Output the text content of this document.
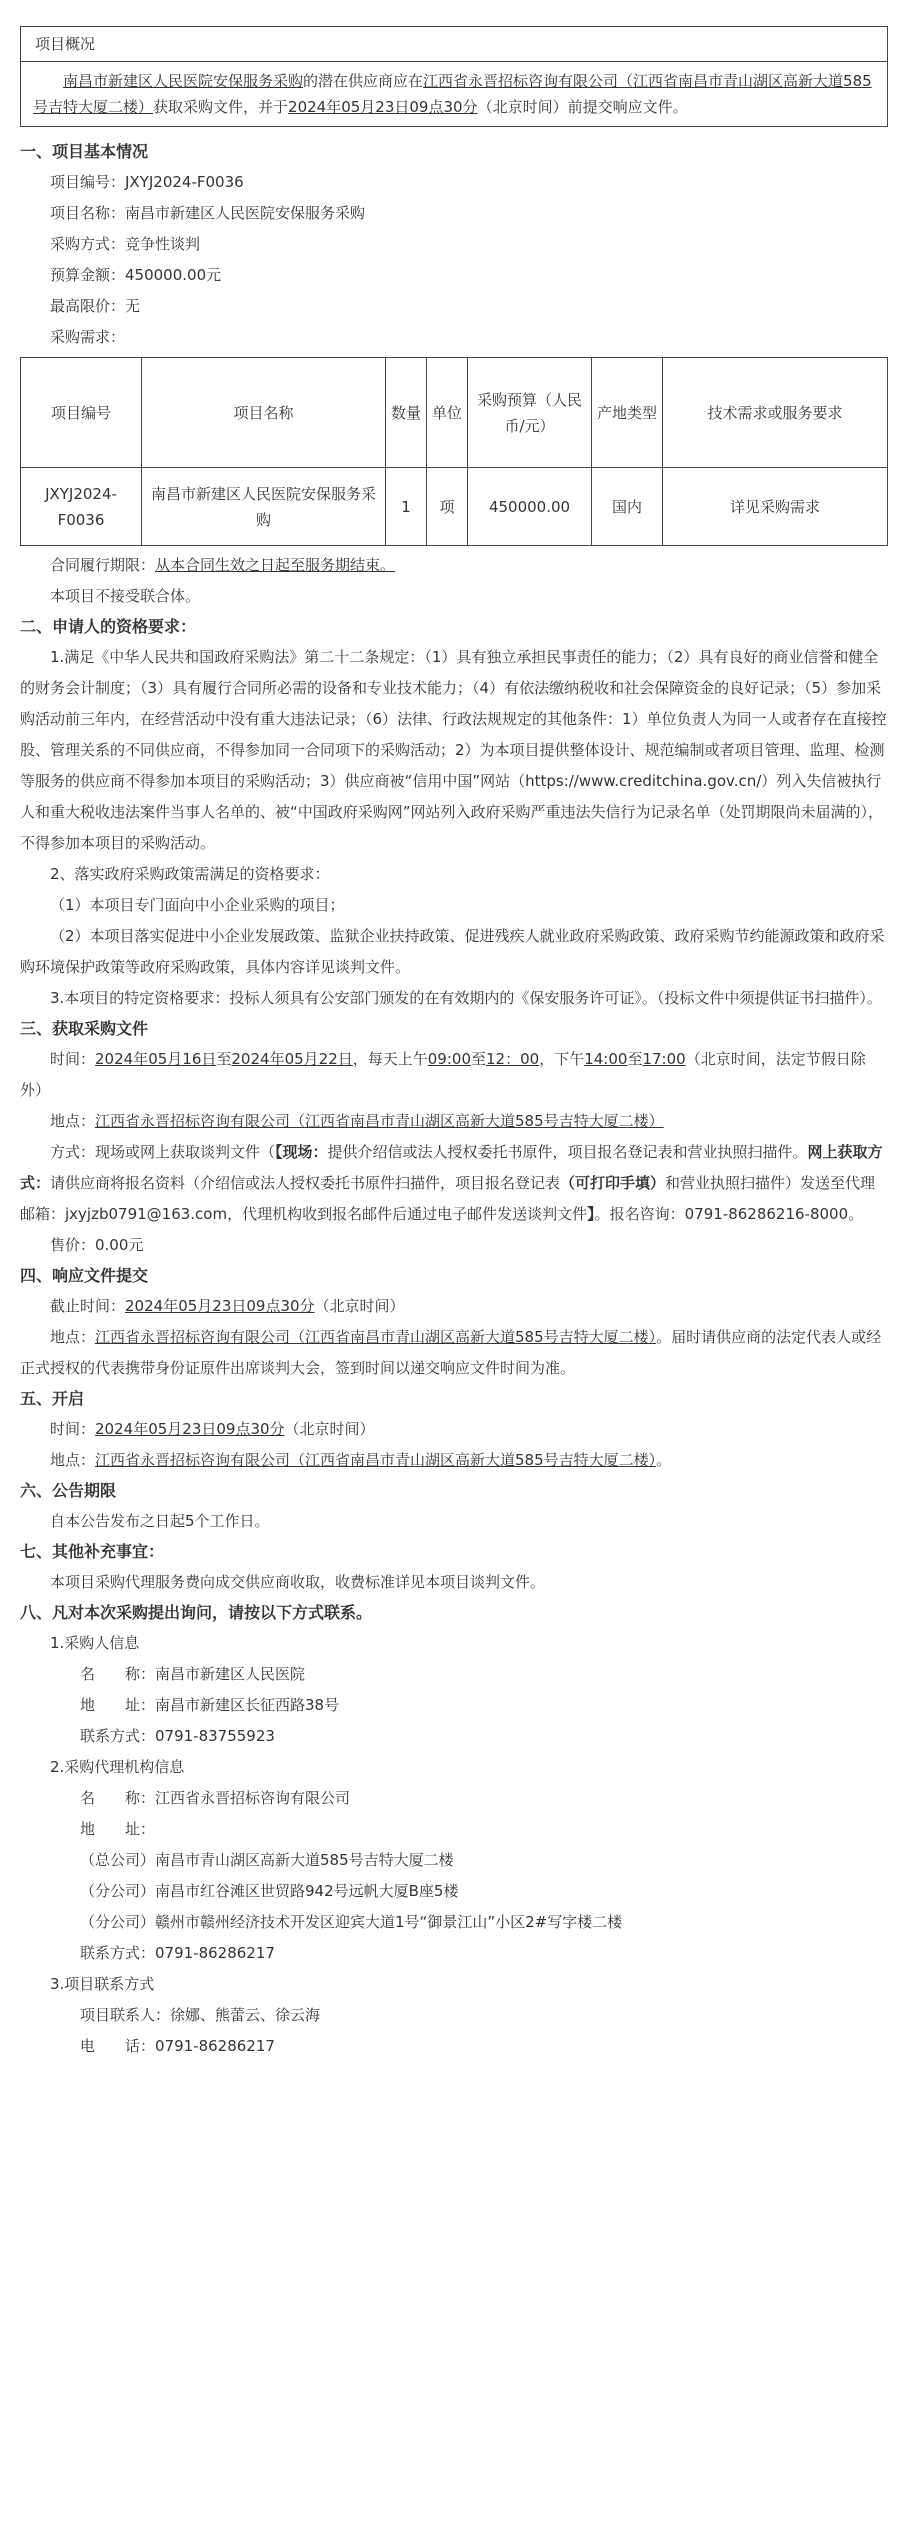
项目概况
南昌市新建区人民医院安保服务采购的潜在供应商应在江西省永晋招标咨询有限公司（江西省南昌市青山湖区高新大道585号吉特大厦二楼）获取采购文件，并于2024年05月23日09点30分（北京时间）前提交响应文件。
一、项目基本情况
项目编号：JXYJ2024-F0036
项目名称：南昌市新建区人民医院安保服务采购
采购方式：竞争性谈判
预算金额：450000.00元
最高限价：无
采购需求：
项目编号	项目名称	数量	单位	采购预算（人民币/元）	产地类型	技术需求或服务要求
JXYJ2024-F0036	南昌市新建区人民医院安保服务采购	1	项	450000.00	国内	详见采购需求
合同履行期限：从本合同生效之日起至服务期结束。
本项目不接受联合体。
二、申请人的资格要求：
1.满足《中华人民共和国政府采购法》第二十二条规定：（1）具有独立承担民事责任的能力；（2）具有良好的商业信誉和健全的财务会计制度；（3）具有履行合同所必需的设备和专业技术能力；（4）有依法缴纳税收和社会保障资金的良好记录；（5）参加采购活动前三年内，在经营活动中没有重大违法记录；（6）法律、行政法规规定的其他条件：1）单位负责人为同一人或者存在直接控股、管理关系的不同供应商，不得参加同一合同项下的采购活动；2）为本项目提供整体设计、规范编制或者项目管理、监理、检测等服务的供应商不得参加本项目的采购活动；3）供应商被“信用中国”网站（https://www.creditchina.gov.cn/）列入失信被执行人和重大税收违法案件当事人名单的、被“中国政府采购网”网站列入政府采购严重违法失信行为记录名单（处罚期限尚未届满的），不得参加本项目的采购活动。
2、落实政府采购政策需满足的资格要求：
（1）本项目专门面向中小企业采购的项目；
（2）本项目落实促进中小企业发展政策、监狱企业扶持政策、促进残疾人就业政府采购政策、政府采购节约能源政策和政府采购环境保护政策等政府采购政策，具体内容详见谈判文件。
3.本项目的特定资格要求：投标人须具有公安部门颁发的在有效期内的《保安服务许可证》。（投标文件中须提供证书扫描件）。
三、获取采购文件
时间：2024年05月16日至2024年05月22日，每天上午09:00至12：00，下午14:00至17:00（北京时间，法定节假日除外）
地点：江西省永晋招标咨询有限公司（江西省南昌市青山湖区高新大道585号吉特大厦二楼）
方式：现场或网上获取谈判文件（【现场：提供介绍信或法人授权委托书原件，项目报名登记表和营业执照扫描件。网上获取方式：请供应商将报名资料（介绍信或法人授权委托书原件扫描件，项目报名登记表（可打印手填）和营业执照扫描件）发送至代理邮箱：jxyjzb0791@163.com，代理机构收到报名邮件后通过电子邮件发送谈判文件】。报名咨询：0791-86286216-8000。
售价：0.00元
四、响应文件提交
截止时间：2024年05月23日09点30分（北京时间）
地点：江西省永晋招标咨询有限公司（江西省南昌市青山湖区高新大道585号吉特大厦二楼）。届时请供应商的法定代表人或经正式授权的代表携带身份证原件出席谈判大会，签到时间以递交响应文件时间为准。
五、开启
时间：2024年05月23日09点30分（北京时间）
地点：江西省永晋招标咨询有限公司（江西省南昌市青山湖区高新大道585号吉特大厦二楼）。
六、公告期限
自本公告发布之日起5个工作日。
七、其他补充事宜：
本项目采购代理服务费向成交供应商收取，收费标准详见本项目谈判文件。
八、凡对本次采购提出询问，请按以下方式联系。
1.采购人信息
名　　称：南昌市新建区人民医院
地　　址：南昌市新建区长征西路38号
联系方式：0791-83755923
2.采购代理机构信息
名　　称：江西省永晋招标咨询有限公司
地　　址：
（总公司）南昌市青山湖区高新大道585号吉特大厦二楼
（分公司）南昌市红谷滩区世贸路942号远帆大厦B座5楼
（分公司）赣州市赣州经济技术开发区迎宾大道1号“御景江山”小区2#写字楼二楼
联系方式：0791-86286217
3.项目联系方式
项目联系人：徐娜、熊蕾云、徐云海
电　　话：0791-86286217
